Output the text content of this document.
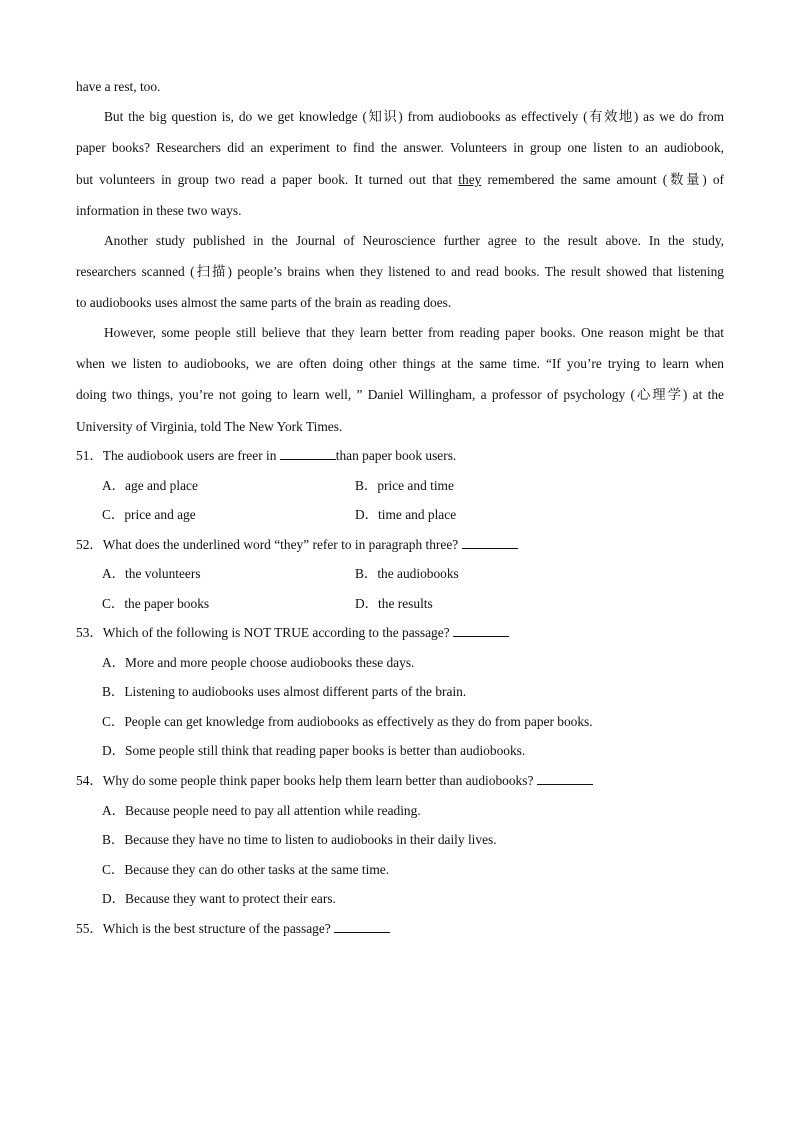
have a rest, too.
But the big question is, do we get knowledge (知识) from audiobooks as effectively (有效地) as we do from
paper books? Researchers did an experiment to find the answer. Volunteers in group one listen to an audiobook,
but volunteers in group two read a paper book. It turned out that they remembered the same amount (数量) of
information in these two ways.
Another study published in the Journal of Neuroscience further agree to the result above. In the study,
researchers scanned (扫描) people’s brains when they listened to and read books. The result showed that listening
to audiobooks uses almost the same parts of the brain as reading does.
However, some people still believe that they learn better from reading paper books. One reason might be that
when we listen to audiobooks, we are often doing other things at the same time. “If you’re trying to learn when
doing two things, you’re not going to learn well, ” Daniel Willingham, a professor of psychology (心理学) at the
University of Virginia, told The New York Times.
51．The audiobook users are freer in	than paper book users.
A．age and place	B．price and time
C．price and age	D．time and place
52．What does the underlined word “they” refer to in paragraph three?
A．the volunteers	B．the audiobooks
C．the paper books	D．the results
53．Which of the following is NOT TRUE according to the passage?
A．More and more people choose audiobooks these days.
B．Listening to audiobooks uses almost different parts of the brain.
C．People can get knowledge from audiobooks as effectively as they do from paper books.
D．Some people still think that reading paper books is better than audiobooks.
54．Why do some people think paper books help them learn better than audiobooks?
A．Because people need to pay all attention while reading.
B．Because they have no time to listen to audiobooks in their daily lives.
C．Because they can do other tasks at the same time.
D．Because they want to protect their ears.
55．Which is the best structure of the passage?
